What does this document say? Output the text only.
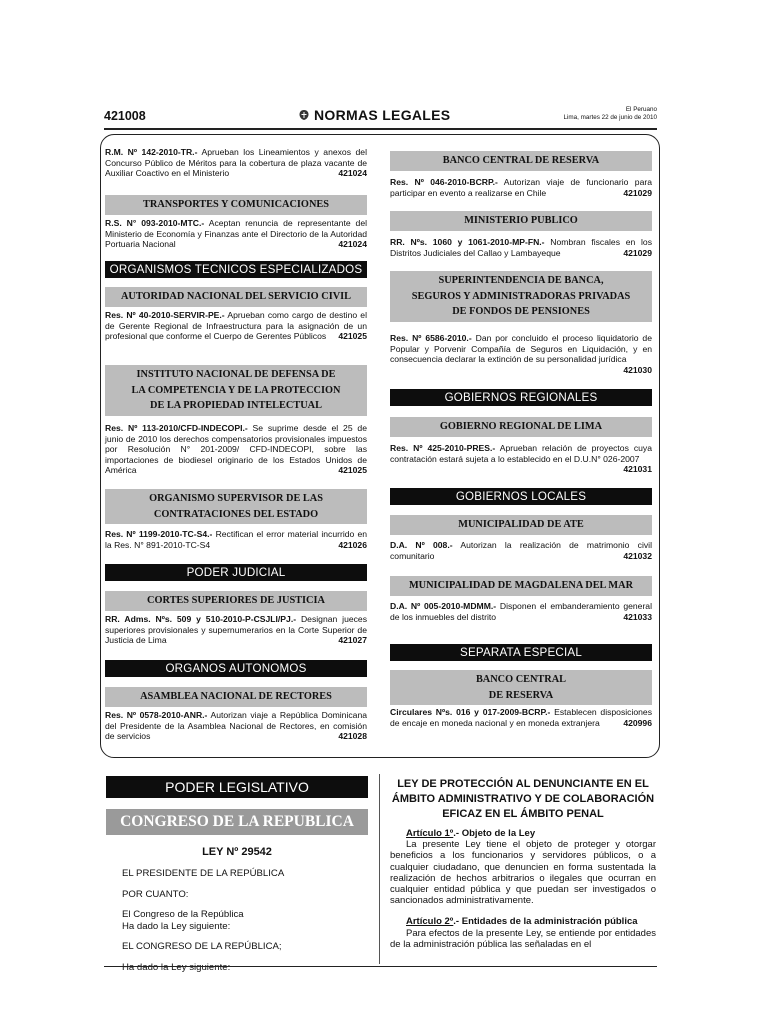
421008	NORMAS LEGALES	El Peruano
Lima, martes 22 de junio de 2010
R.M. Nº 142-2010-TR.- Aprueban los Lineamientos y anexos del Concurso Público de Méritos para la cobertura de plaza vacante de Auxiliar Coactivo en el Ministerio	421024
TRANSPORTES Y COMUNICACIONES
R.S. N° 093-2010-MTC.- Aceptan renuncia de representante del Ministerio de Economía y Finanzas ante el Directorio de la Autoridad Portuaria Nacional	421024
ORGANISMOS TECNICOS ESPECIALIZADOS
AUTORIDAD NACIONAL DEL SERVICIO CIVIL
Res. Nº 40-2010-SERVIR-PE.- Aprueban como cargo de destino el de Gerente Regional de Infraestructura para la asignación de un profesional que conforme el Cuerpo de Gerentes Públicos 421025
INSTITUTO NACIONAL DE DEFENSA DE
LA COMPETENCIA Y DE LA PROTECCION
DE LA PROPIEDAD INTELECTUAL
Res. Nº 113-2010/CFD-INDECOPI.- Se suprime desde el 25 de junio de 2010 los derechos compensatorios provisionales impuestos por Resolución N° 201-2009/ CFD-INDECOPI, sobre las importaciones de biodiesel originario de los Estados Unidos de América	421025
ORGANISMO SUPERVISOR DE LAS
CONTRATACIONES DEL ESTADO
Res. Nº 1199-2010-TC-S4.- Rectifican el error material incurrido en la Res. N° 891-2010-TC-S4	421026
PODER JUDICIAL
CORTES SUPERIORES DE JUSTICIA
RR. Adms. Nºs. 509 y 510-2010-P-CSJLI/PJ.- Designan jueces superiores provisionales y supernumerarios en la Corte Superior de Justicia de Lima	421027
ORGANOS AUTONOMOS
ASAMBLEA NACIONAL DE RECTORES
Res. Nº 0578-2010-ANR.- Autorizan viaje a República Dominicana del Presidente de la Asamblea Nacional de Rectores, en comisión de servicios	421028
BANCO CENTRAL DE RESERVA
Res. Nº 046-2010-BCRP.- Autorizan viaje de funcionario para participar en evento a realizarse en Chile	421029
MINISTERIO PUBLICO
RR. Nºs. 1060 y 1061-2010-MP-FN.- Nombran fiscales en los Distritos Judiciales del Callao y Lambayeque	421029
SUPERINTENDENCIA DE BANCA,
SEGUROS Y ADMINISTRADORAS PRIVADAS
DE FONDOS DE PENSIONES
Res. Nº 6586-2010.- Dan por concluido el proceso liquidatorio de Popular y Porvenir Compañía de Seguros en Liquidación, y en consecuencia declarar la extinción de su personalidad jurídica
421030
GOBIERNOS REGIONALES
GOBIERNO REGIONAL DE LIMA
Res. Nº 425-2010-PRES.- Aprueban relación de proyectos cuya contratación estará sujeta a lo establecido en el D.U.N° 026-2007
421031
GOBIERNOS LOCALES
MUNICIPALIDAD DE ATE
D.A. Nº 008.- Autorizan la realización de matrimonio civil comunitario	421032
MUNICIPALIDAD DE MAGDALENA DEL MAR
D.A. Nº 005-2010-MDMM.- Disponen el embanderamiento general de los inmuebles del distrito	421033
SEPARATA ESPECIAL
BANCO CENTRAL
DE RESERVA
Circulares Nºs. 016 y 017-2009-BCRP.- Establecen disposiciones de encaje en moneda nacional y en moneda extranjera	420996
PODER LEGISLATIVO
CONGRESO DE LA REPUBLICA
LEY Nº 29542
EL PRESIDENTE DE LA REPÚBLICA
POR CUANTO:
El Congreso de la República
Ha dado la Ley siguiente:
EL CONGRESO DE LA REPÚBLICA;
Ha dado la Ley siguiente:
LEY DE PROTECCIÓN AL DENUNCIANTE EN EL
ÁMBITO ADMINISTRATIVO Y DE COLABORACIÓN
EFICAZ EN EL ÁMBITO PENAL
Artículo 1º.- Objeto de la Ley
La presente Ley tiene el objeto de proteger y otorgar beneficios a los funcionarios y servidores públicos, o a cualquier ciudadano, que denuncien en forma sustentada la realización de hechos arbitrarios o ilegales que ocurran en cualquier entidad pública y que puedan ser investigados o sancionados administrativamente.
Artículo 2º.- Entidades de la administración pública
Para efectos de la presente Ley, se entiende por entidades de la administración pública las señaladas en el
